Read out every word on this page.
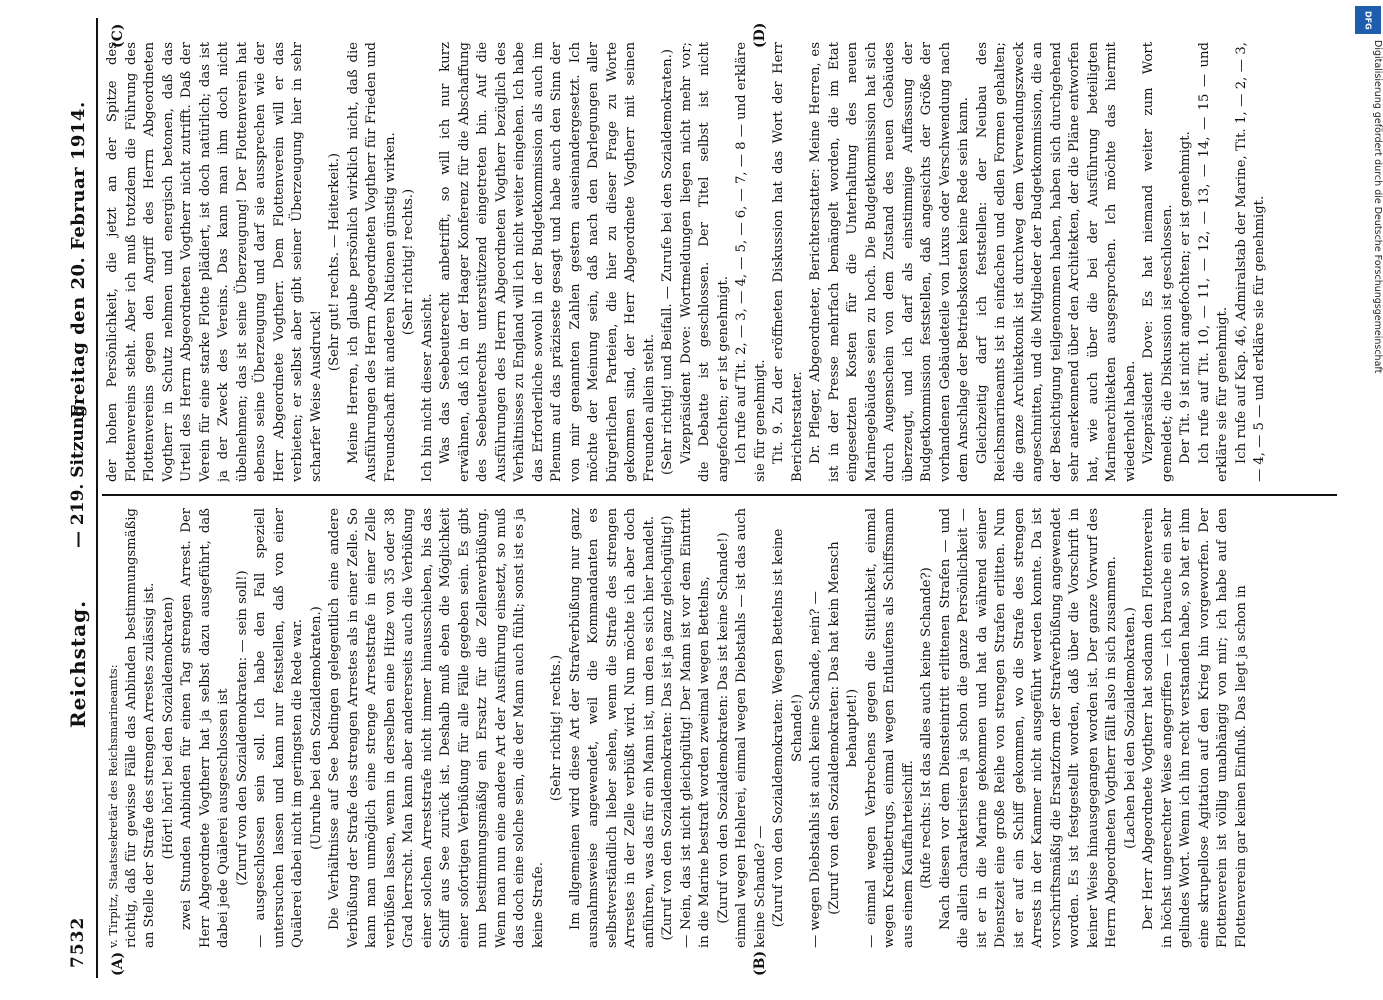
7532
Reichstag.
— 219. Sitzung.

v. Tirpitz, Staatssekretär des Reichsmarineamts: richtig, daß für gewisse Fälle das Anbinden bestimmungsmäßig an Stelle der Strafe des strengen Arrestes zulässig ist. (Hört! hört! bei den Sozialdemokraten) zwei Stunden Anbinden für einen Tag strengen Arrest. Der Herr Abgeordnete Vogtherr hat ja selbst dazu ausgeführt, daß dabei jede Quälerei ausgeschlossen ist (Zuruf von den Sozialdemokraten: — sein soll!) — ausgeschlossen sein soll. Ich habe den Fall speziell untersuchen lassen und kann nur feststellen, daß von einer Quälerei dabei nicht im geringsten die Rede war. (Unruhe bei den Sozialdemokraten.) Die Verhältnisse auf See bedingen gelegentlich eine andere Verbüßung der Strafe des strengen Arrestes als in einer Zelle. So kann man unmöglich eine strenge Arreststrafe in einer Zelle verbüßen lassen, wenn in derselben eine Hitze von 35 oder 38 Grad herrscht. Man kann aber andererseits auch die Verbüßung einer solchen Arreststrafe nicht immer hinausschieben, bis das Schiff aus See zurück ist. Deshalb muß eben die Möglichkeit einer sofortigen Verbüßung für alle Fälle gegeben sein. Es gibt nun bestimmungsmäßig ein Ersatz für die Zellenverbüßung. Wenn man nun eine andere Art der Ausführung einsetzt, so muß das doch eine solche sein, die der Mann auch fühlt; sonst ist es ja keine Strafe.

(Sehr richtig! rechts.) Im allgemeinen wird diese Art der Strafverbüßung nur ganz ausnahmsweise angewendet, weil die Kommandanten es selbstverständlich lieber sehen, wenn die Strafe des strengen Arrestes in der Zelle verbüßt wird. Nun möchte ich aber doch anführen, was das für ein Mann ist, um den es sich hier handelt. (Zuruf von den Sozialdemokraten: Das ist ja ganz gleichgültig!) — Nein, das ist nicht gleichgültig! Der Mann ist vor dem Eintritt in die Marine bestraft worden zweimal wegen Bettelns, (Zuruf von den Sozialdemokraten: Das ist keine Schande!) einmal wegen Hehlerei, einmal wegen Diebstahls — ist das auch keine Schande? — (Zuruf von den Sozialdemokraten: Wegen Bettelns ist keine Schande!) — wegen Diebstahls ist auch keine Schande, nein? — (Zuruf von den Sozialdemokraten: Das hat kein Mensch behauptet!) — einmal wegen Verbrechens gegen die Sittlichkeit, einmal wegen Kreditbetrugs, einmal wegen Entlaufens als Schiffsmann aus einem Kauffahrteischiff. (Rufe rechts: Ist das alles auch keine Schande?) Nach diesen vor dem Diensteintritt erlittenen Strafen — und die allein charakterisieren ja schon die ganze Persönlichkeit — ist er in die Marine gekommen und hat da während seiner Dienstzeit eine große Reihe von strengen Strafen erlitten. Nun ist er auf ein Schiff gekommen, wo die Strafe des strengen Arrests in der Kammer nicht ausgeführt werden konnte. Da ist vorschriftsmäßig die Ersatzform der Strafverbüßung angewendet worden. Es ist festgestellt worden, daß über die Vorschrift in keiner Weise hinausgegangen worden ist. Der ganze Vorwurf des Herrn Abgeordneten Vogtherr fällt also in sich zusammen. (Lachen bei den Sozialdemokraten.) Der Herr Abgeordnete Vogtherr hat sodann den Flottenverein in höchst ungerechter Weise angegriffen — ich brauche ein sehr gelindes Wort. Wenn ich ihn recht verstanden habe, so hat er ihm eine skrupellose Agitation auf den Krieg hin vorgeworfen. Der Flottenverein ist völlig unabhängig von mir; ich habe auf den Flottenverein gar keinen Einfluß. Das liegt ja schon in

Freitag den 20. Februar 1914. der hohen Persönlichkeit, die jetzt an der Spitze des Flottenvereins steht. Aber ich muß trotzdem die Führung des Flottenvereins gegen den Angriff des Herrn Abgeordneten Vogtherr in Schutz nehmen und energisch betonen, daß das Urteil des Herrn Abgeordneten Vogtherr nicht zutrifft. Daß der Verein für eine starke Flotte plädiert, ist doch natürlich; das ist ja der Zweck des Vereins. Das kann man ihm doch nicht übelnehmen; das ist seine Überzeugung! Der Flottenverein hat ebenso seine Überzeugung und darf sie aussprechen wie der Herr Abgeordnete Vogtherr. Dem Flottenverein will er das verbieten; er selbst aber gibt seiner Überzeugung hier in sehr scharfer Weise Ausdruck!

(Sehr gut! rechts. — Heiterkeit.) Meine Herren, ich glaube persönlich wirklich nicht, daß die Ausführungen des Herrn Abgeordneten Vogtherr für Frieden und Freundschaft mit anderen Nationen günstig wirken. (Sehr richtig! rechts.)

Ich bin nicht dieser Ansicht. Was das Seebeuterecht anbetrifft, so will ich nur kurz erwähnen, daß ich in der Haager Konferenz für die Abschaffung des Seebeuterechts unterstützend eingetreten bin. Auf die Ausführungen des Herrn Abgeordneten Vogtherr bezüglich des Verhältnisses zu England will ich nicht weiter eingehen. Ich habe das Erforderliche sowohl in der Budgetkommission als auch im Plenum auf das präziseste gesagt und habe auch den Sinn der von mir genannten Zahlen gestern auseinandergesetzt. Ich möchte der Meinung sein, daß nach den Darlegungen aller bürgerlichen Parteien, die hier zu dieser Frage zu Worte gekommen sind, der Herr Abgeordnete Vogtherr mit seinen Freunden allein steht. (Sehr richtig! und Beifall. — Zurufe bei den Sozialdemokraten.) Vizepräsident Dove: Wortmeldungen liegen nicht mehr vor; die Debatte ist geschlossen. Der Titel selbst ist nicht angefochten; er ist genehmigt. Ich rufe auf Tit. 2, — 3, — 4, — 5, — 6, — 7, — 8 — und erkläre sie für genehmigt. Tit. 9. Zu der eröffneten Diskussion hat das Wort der Herr Berichterstatter. Dr. Pfleger, Abgeordneter, Berichterstatter: Meine Herren, es ist in der Presse mehrfach bemängelt worden, die im Etat eingesetzten Kosten für die Unterhaltung des neuen Marinegebäudes seien zu hoch. Die Budgetkommission hat sich durch Augenschein von dem Zustand des neuen Gebäudes überzeugt, und ich darf als einstimmige Auffassung der Budgetkommission feststellen, daß angesichts der Größe der vorhandenen Gebäudeteile von Luxus oder Verschwendung nach dem Anschlage der Betriebskosten keine Rede sein kann. Gleichzeitig darf ich feststellen: der Neubau des Reichsmarineamts ist in einfachen und edlen Formen gehalten; die ganze Architektonik ist durchweg dem Verwendungszweck angeschnitten, und die Mitglieder der Budgetkommission, die an der Besichtigung teilgenommen haben, haben sich durchgehend sehr anerkennend über den Architekten, der die Pläne entworfen hat, wie auch über die bei der Ausführung beteiligten Marinearchitekten ausgesprochen. Ich möchte das hiermit wiederholt haben. Vizepräsident Dove: Es hat niemand weiter zum Wort gemeldet; die Diskussion ist geschlossen. Der Tit. 9 ist nicht angefochten; er ist genehmigt. Ich rufe auf Tit. 10, — 11, — 12, — 13, — 14, — 15 — und erkläre sie für genehmigt. Ich rufe auf Kap. 46, Admiralstab der Marine, Tit. 1, — 2, — 3, — 4, — 5 — und erkläre sie für genehmigt.

(A)	(B)
(C)	(D)
DFG
Digitalisierung gefördert durch die Deutsche Forschungsgemeinschaft
